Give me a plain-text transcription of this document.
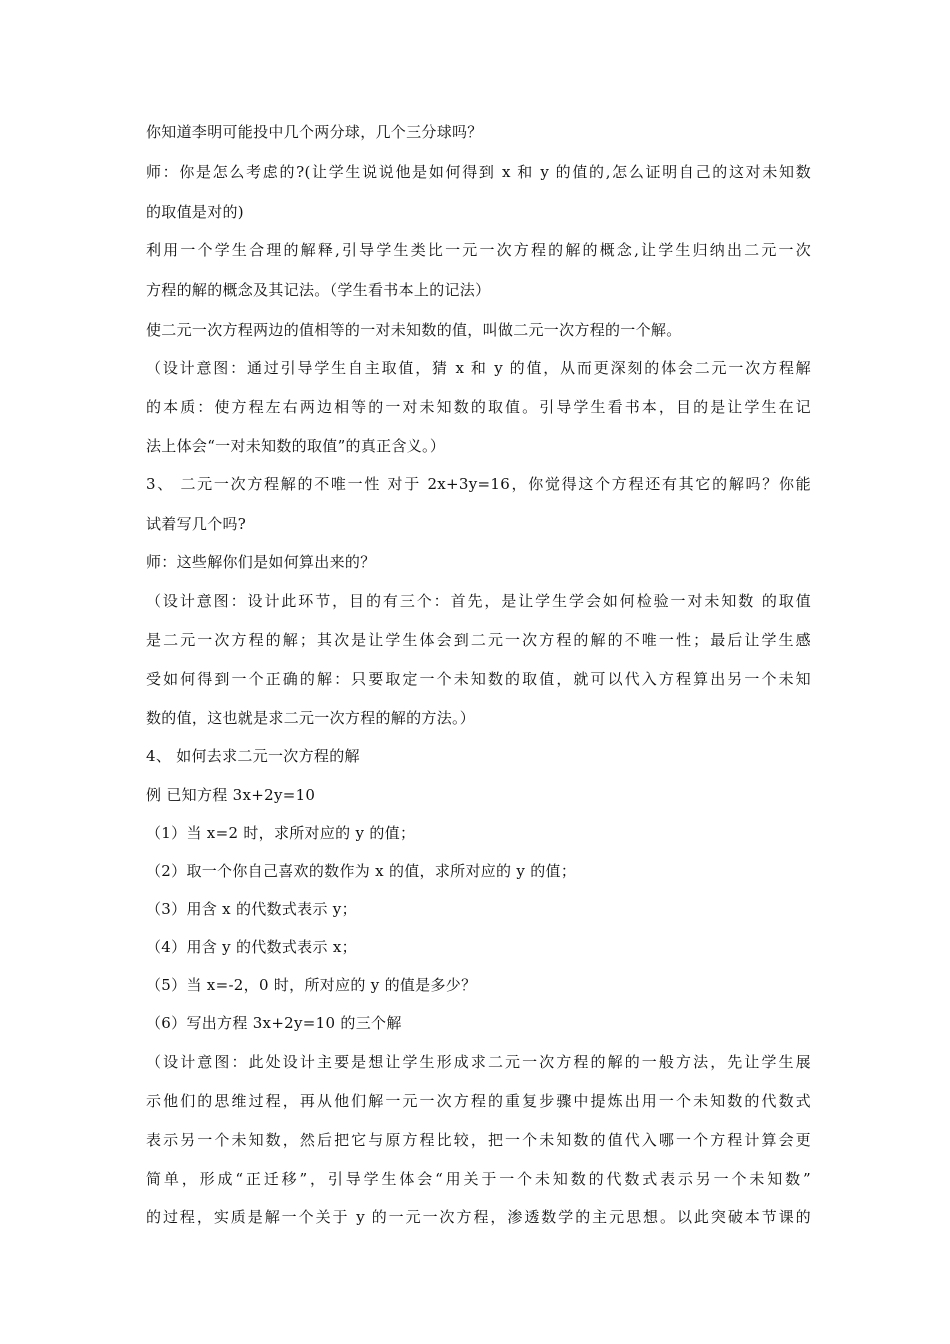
你知道李明可能投中几个两分球，几个三分球吗？
师：你是怎么考虑的?(让学生说说他是如何得到 x 和 y 的值的,怎么证明自己的这对未知数
的取值是对的)
利用一个学生合理的解释,引导学生类比一元一次方程的解的概念,让学生归纳出二元一次
方程的解的概念及其记法。（学生看书本上的记法）
使二元一次方程两边的值相等的一对未知数的值，叫做二元一次方程的一个解。
（设计意图：通过引导学生自主取值，猜 x 和 y 的值，从而更深刻的体会二元一次方程解
的本质：使方程左右两边相等的一对未知数的取值。引导学生看书本，目的是让学生在记
法上体会“一对未知数的取值”的真正含义。）
3、 二元一次方程解的不唯一性 对于 2x+3y=16，你觉得这个方程还有其它的解吗？你能
试着写几个吗?
师：这些解你们是如何算出来的？
（设计意图：设计此环节，目的有三个：首先，是让学生学会如何检验一对未知数 的取值
是二元一次方程的解；其次是让学生体会到二元一次方程的解的不唯一性；最后让学生感
受如何得到一个正确的解：只要取定一个未知数的取值，就可以代入方程算出另一个未知
数的值，这也就是求二元一次方程的解的方法。）
4、 如何去求二元一次方程的解
例 已知方程 3x+2y=10
（1）当 x=2 时，求所对应的 y 的值；
（2）取一个你自己喜欢的数作为 x 的值，求所对应的 y 的值；
（3）用含 x 的代数式表示 y；
（4）用含 y 的代数式表示 x；
（5）当 x=-2，0 时，所对应的 y 的值是多少？
（6）写出方程 3x+2y=10 的三个解
（设计意图：此处设计主要是想让学生形成求二元一次方程的解的一般方法，先让学生展
示他们的思维过程，再从他们解一元一次方程的重复步骤中提炼出用一个未知数的代数式
表示另一个未知数，然后把它与原方程比较，把一个未知数的值代入哪一个方程计算会更
简单，形成“正迁移”，引导学生体会“用关于一个未知数的代数式表示另一个未知数”
的过程，实质是解一个关于 y 的一元一次方程，渗透数学的主元思想。以此突破本节课的
